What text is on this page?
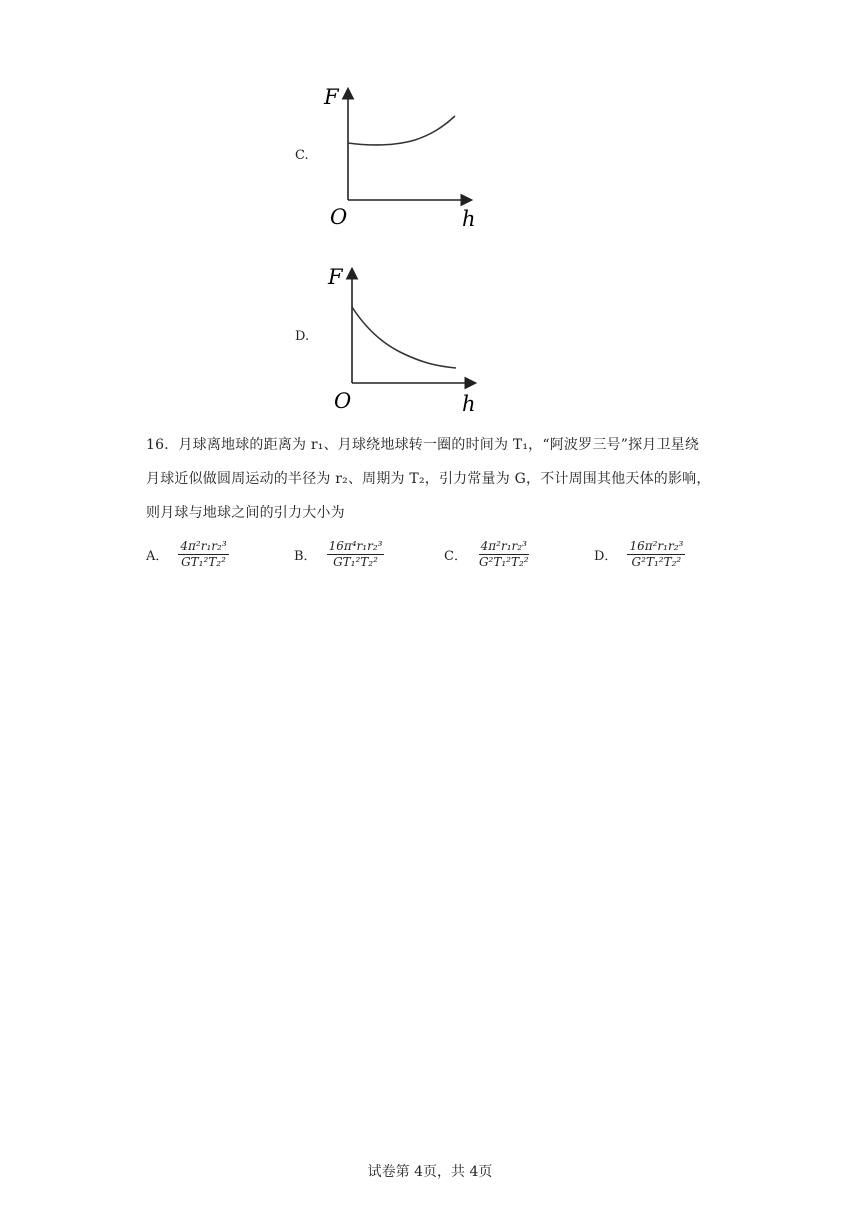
C.
F
O	h
D.
F
O	h
16．月球离地球的距离为 r₁、月球绕地球转一圈的时间为 T₁，“阿波罗三号”探月卫星绕
月球近似做圆周运动的半径为 r₂、周期为 T₂，引力常量为 G，不计周围其他天体的影响，
则月球与地球之间的引力大小为
A． $\frac{\text{4π²r₁r₂³}}{\text{GT₁²T₂²}}$	B． $\frac{\text{16π⁴r₁r₂³}}{\text{GT₁²T₂²}}$	C． $\frac{\text{4π²r₁r₂³}}{\text{G²T₁²T₂²}}$	D． $\frac{\text{16π²r₁r₂³}}{\text{G²T₁²T₂²}}$
试卷第 4页，共 4页
